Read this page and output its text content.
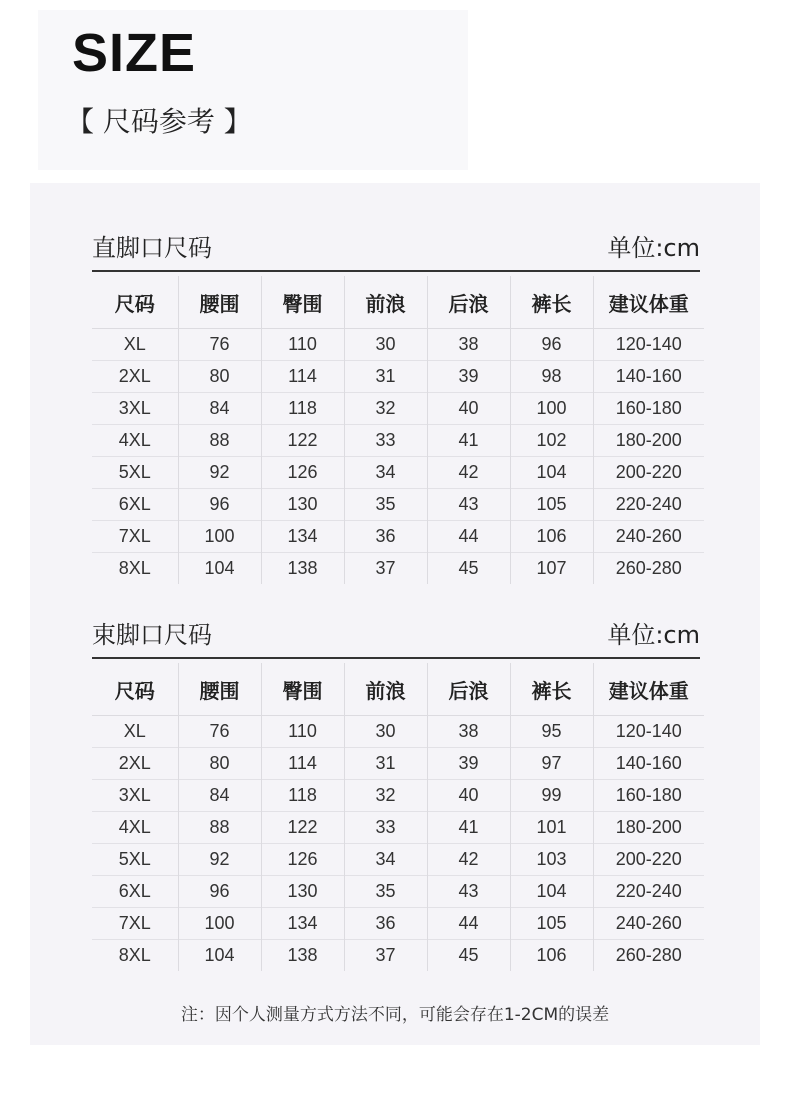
SIZE
【 尺码参考 】
直脚口尺码	单位:cm
尺码	腰围	臀围	前浪	后浪	裤长	建议体重
XL	76	110	30	38	96	120-140
2XL	80	114	31	39	98	140-160
3XL	84	118	32	40	100	160-180
4XL	88	122	33	41	102	180-200
5XL	92	126	34	42	104	200-220
6XL	96	130	35	43	105	220-240
7XL	100	134	36	44	106	240-260
8XL	104	138	37	45	107	260-280
束脚口尺码	单位:cm
尺码	腰围	臀围	前浪	后浪	裤长	建议体重
XL	76	110	30	38	95	120-140
2XL	80	114	31	39	97	140-160
3XL	84	118	32	40	99	160-180
4XL	88	122	33	41	101	180-200
5XL	92	126	34	42	103	200-220
6XL	96	130	35	43	104	220-240
7XL	100	134	36	44	105	240-260
8XL	104	138	37	45	106	260-280
注：因个人测量方式方法不同，可能会存在1-2CM的误差
